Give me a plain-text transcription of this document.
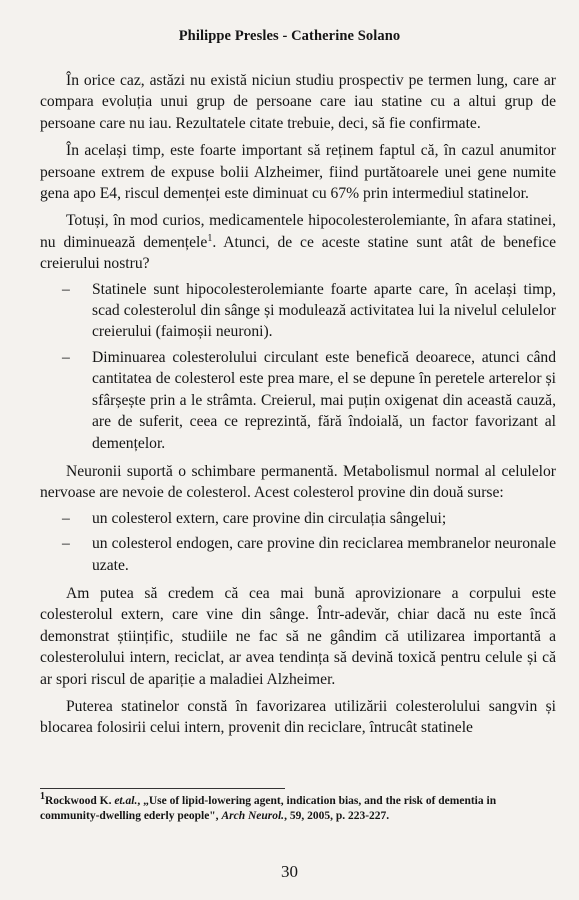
Philippe Presles - Catherine Solano

În orice caz, astăzi nu există niciun studiu prospectiv pe termen lung, care ar compara evoluția unui grup de persoane care iau statine cu a altui grup de persoane care nu iau. Rezultatele citate trebuie, deci, să fie confirmate.

În același timp, este foarte important să reținem faptul că, în cazul anumitor persoane extrem de expuse bolii Alzheimer, fiind purtătoarele unei gene numite gena apo E4, riscul demenței este diminuat cu 67% prin intermediul statinelor.

Totuși, în mod curios, medicamentele hipocolesterolemiante, în afara statinei, nu diminuează demențele$^1$. Atunci, de ce aceste statine sunt atât de benefice creierului nostru?

– Statinele sunt hipocolesterolemiante foarte aparte care, în același timp, scad colesterolul din sânge și modulează activitatea lui la nivelul celulelor creierului (faimoșii neuroni).
– Diminuarea colesterolului circulant este benefică deoarece, atunci când cantitatea de colesterol este prea mare, el se depune în peretele arterelor și sfârșește prin a le strâmta. Creierul, mai puțin oxigenat din această cauză, are de suferit, ceea ce reprezintă, fără îndoială, un factor favorizant al demențelor.

Neuronii suportă o schimbare permanentă. Metabolismul normal al celulelor nervoase are nevoie de colesterol. Acest colesterol provine din două surse:

– un colesterol extern, care provine din circulația sângelui;
– un colesterol endogen, care provine din reciclarea membranelor neuronale uzate.

Am putea să credem că cea mai bună aprovizionare a corpului este colesterolul extern, care vine din sânge. Într-adevăr, chiar dacă nu este încă demonstrat științific, studiile ne fac să ne gândim că utilizarea importantă a colesterolului intern, reciclat, ar avea tendința să devină toxică pentru celule și că ar spori riscul de apariție a maladiei Alzheimer.

Puterea statinelor constă în favorizarea utilizării colesterolului sangvin și blocarea folosirii celui intern, provenit din reciclare, întrucât statinele

$^1$Rockwood K. et.al., „Use of lipid-lowering agent, indication bias, and the risk of dementia in community-dwelling ederly people", Arch Neurol., 59, 2005, p. 223-227.
30
